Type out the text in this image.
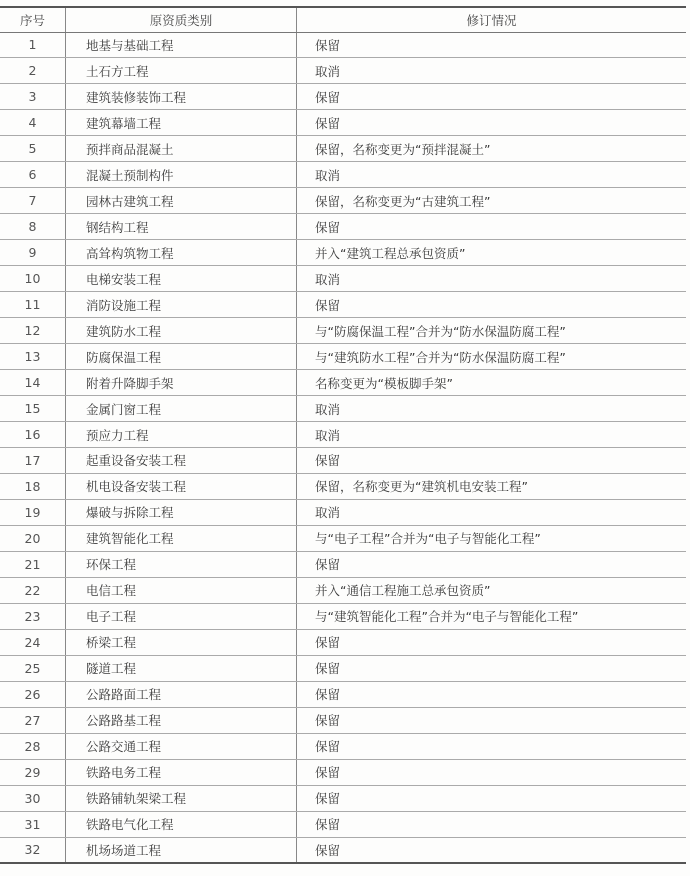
序号	原资质类别	修订情况
1	地基与基础工程	保留
2	土石方工程	取消
3	建筑装修装饰工程	保留
4	建筑幕墙工程	保留
5	预拌商品混凝土	保留，名称变更为“预拌混凝土”
6	混凝土预制构件	取消
7	园林古建筑工程	保留，名称变更为“古建筑工程”
8	钢结构工程	保留
9	高耸构筑物工程	并入“建筑工程总承包资质”
10	电梯安装工程	取消
11	消防设施工程	保留
12	建筑防水工程	与“防腐保温工程”合并为“防水保温防腐工程”
13	防腐保温工程	与“建筑防水工程”合并为“防水保温防腐工程”
14	附着升降脚手架	名称变更为“模板脚手架”
15	金属门窗工程	取消
16	预应力工程	取消
17	起重设备安装工程	保留
18	机电设备安装工程	保留，名称变更为“建筑机电安装工程”
19	爆破与拆除工程	取消
20	建筑智能化工程	与“电子工程”合并为“电子与智能化工程”
21	环保工程	保留
22	电信工程	并入“通信工程施工总承包资质”
23	电子工程	与“建筑智能化工程”合并为“电子与智能化工程”
24	桥梁工程	保留
25	隧道工程	保留
26	公路路面工程	保留
27	公路路基工程	保留
28	公路交通工程	保留
29	铁路电务工程	保留
30	铁路铺轨架梁工程	保留
31	铁路电气化工程	保留
32	机场场道工程	保留
